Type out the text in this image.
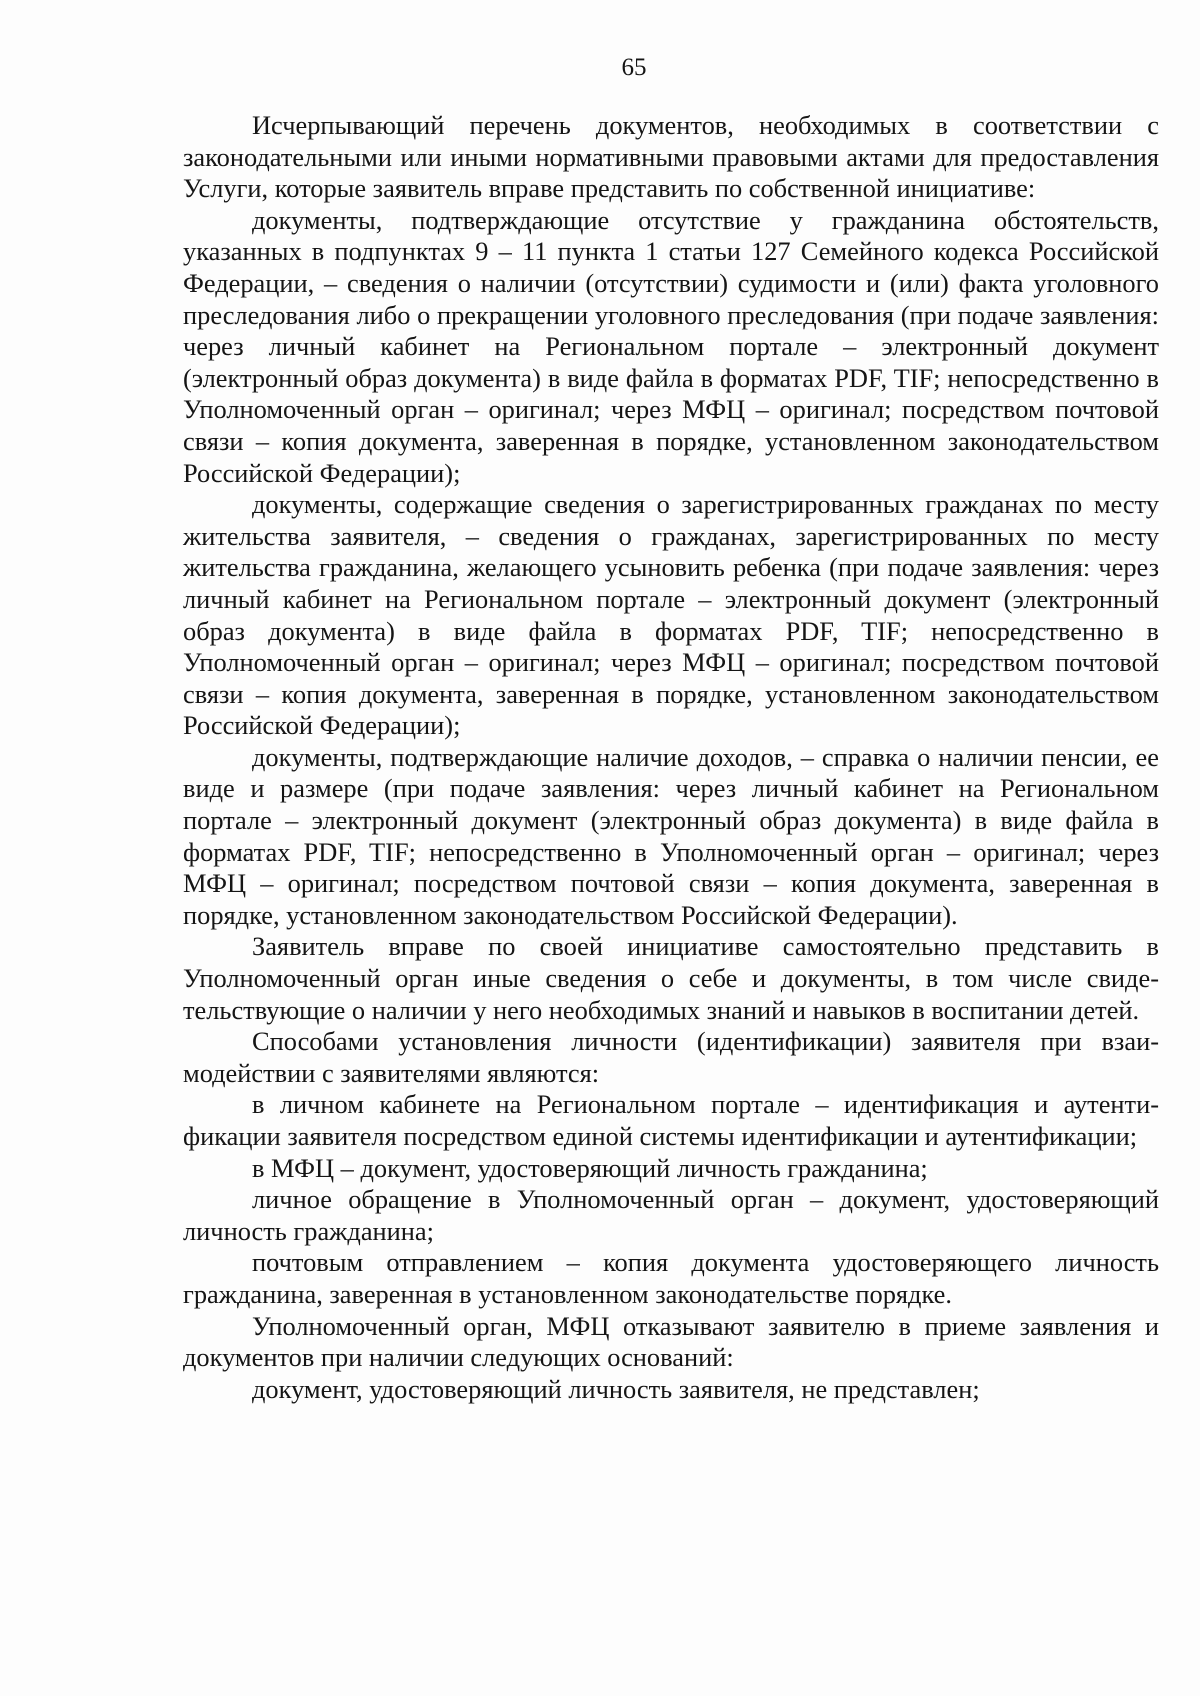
65

Исчерпывающий перечень документов, необходимых в соответствии с законодательными или иными нормативными правовыми актами для предоставления Услуги, которые заявитель вправе представить по собственной инициативе:

документы, подтверждающие отсутствие у гражданина обстоятельств, указанных в подпунктах 9 – 11 пункта 1 статьи 127 Семейного кодекса Российской Федерации, – сведения о наличии (отсутствии) судимости и (или) факта уголовного преследования либо о прекращении уголовного преследования (при подаче заявления: через личный кабинет на Региональном портале – электронный документ (электронный образ документа) в виде файла в форматах PDF, TIF; непосредственно в Уполномоченный орган – оригинал; через МФЦ – оригинал; посредством почтовой связи – копия документа, заверенная в порядке, установленном законодательством Российской Федерации);

документы, содержащие сведения о зарегистрированных гражданах по месту жительства заявителя, – сведения о гражданах, зарегистрированных по месту жительства гражданина, желающего усыновить ребенка (при подаче заявления: через личный кабинет на Региональном портале – электронный документ (электронный образ документа) в виде файла в форматах PDF, TIF; непосредственно в Уполномоченный орган – оригинал; через МФЦ – оригинал; посредством почтовой связи – копия документа, заверенная в порядке, установленном законодательством Российской Федерации);

документы, подтверждающие наличие доходов, – справка о наличии пенсии, ее виде и размере (при подаче заявления: через личный кабинет на Региональном портале – электронный документ (электронный образ документа) в виде файла в форматах PDF, TIF; непосредственно в Уполномоченный орган – оригинал; через МФЦ – оригинал; посредством почтовой связи – копия документа, заверенная в порядке, установленном законодательством Российской Федерации).

Заявитель вправе по своей инициативе самостоятельно представить в Уполномоченный орган иные сведения о себе и документы, в том числе свидетельствующие о наличии у него необходимых знаний и навыков в воспитании детей.

Способами установления личности (идентификации) заявителя при взаимодействии с заявителями являются:

в личном кабинете на Региональном портале – идентификация и аутентификации заявителя посредством единой системы идентификации и аутентификации;

в МФЦ – документ, удостоверяющий личность гражданина;

личное обращение в Уполномоченный орган – документ, удостоверяющий личность гражданина;

почтовым отправлением – копия документа удостоверяющего личность гражданина, заверенная в установленном законодательстве порядке.

Уполномоченный орган, МФЦ отказывают заявителю в приеме заявления и документов при наличии следующих оснований:

документ, удостоверяющий личность заявителя, не представлен;
